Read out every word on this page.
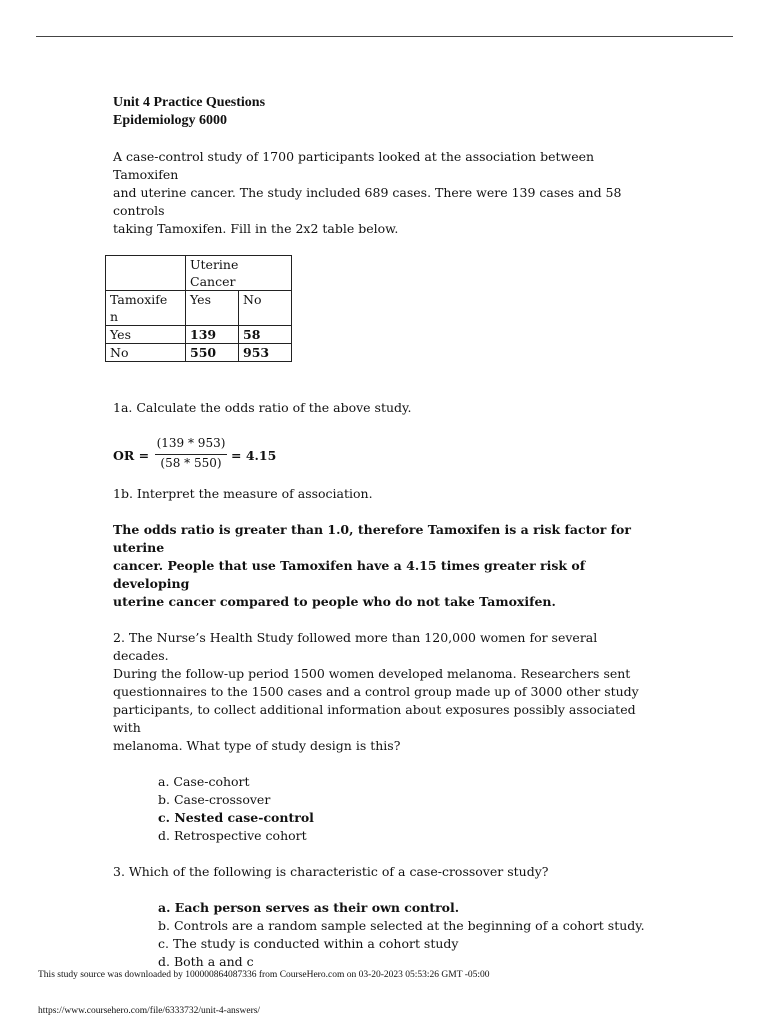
Unit 4 Practice Questions
Epidemiology 6000
A case-control study of 1700 participants looked at the association between Tamoxifen
and uterine cancer. The study included 689 cases. There were 139 cases and 58 controls
taking Tamoxifen. Fill in the 2x2 table below.
	Uterine Cancer	

Tamoxife
n	Yes	No
Yes	139	58
No	550	953
1a. Calculate the odds ratio of the above study.
OR =
(139 * 953)
(58 * 550) = 4.15
1b. Interpret the measure of association.
The odds ratio is greater than 1.0, therefore Tamoxifen is a risk factor for uterine
cancer. People that use Tamoxifen have a 4.15 times greater risk of developing
uterine cancer compared to people who do not take Tamoxifen.
2. The Nurse’s Health Study followed more than 120,000 women for several decades.
During the follow-up period 1500 women developed melanoma. Researchers sent
questionnaires to the 1500 cases and a control group made up of 3000 other study
participants, to collect additional information about exposures possibly associated with
melanoma. What type of study design is this?
a. Case-cohort
b. Case-crossover
c. Nested case-control
d. Retrospective cohort
3. Which of the following is characteristic of a case-crossover study?
a. Each person serves as their own control.
b. Controls are a random sample selected at the beginning of a cohort study.
c. The study is conducted within a cohort study
d. Both a and c
This study source was downloaded by 100000864087336 from CourseHero.com on 03-20-2023 05:53:26 GMT -05:00
https://www.coursehero.com/file/6333732/unit-4-answers/
